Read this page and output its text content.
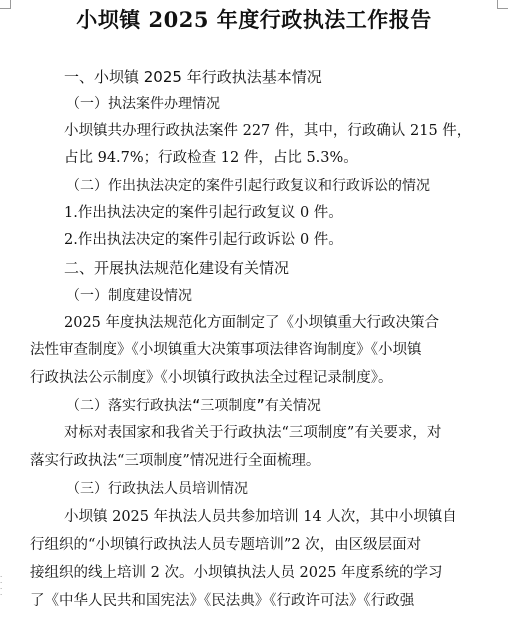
小坝镇 2025 年度行政执法工作报告

一、小坝镇 2025 年行政执法基本情况

（一）执法案件办理情况

小坝镇共办理行政执法案件 227 件，其中，行政确认 215 件，

占比 94.7%；行政检查 12 件，占比 5.3%。

（二）作出执法决定的案件引起行政复议和行政诉讼的情况

1.作出执法决定的案件引起行政复议 0 件。

2.作出执法决定的案件引起行政诉讼 0 件。

二、开展执法规范化建设有关情况

（一）制度建设情况

2025 年度执法规范化方面制定了《小坝镇重大行政决策合

法性审查制度》《小坝镇重大决策事项法律咨询制度》《小坝镇

行政执法公示制度》《小坝镇行政执法全过程记录制度》。

（二）落实行政执法“三项制度”有关情况

对标对表国家和我省关于行政执法“三项制度”有关要求，对

落实行政执法“三项制度”情况进行全面梳理。

（三）行政执法人员培训情况

小坝镇 2025 年执法人员共参加培训 14 人次，其中小坝镇自

行组织的“小坝镇行政执法人员专题培训”2 次，由区级层面对

接组织的线上培训 2 次。小坝镇执法人员 2025 年度系统的学习

了《中华人民共和国宪法》《民法典》《行政许可法》《行政强

·
·
·
·
